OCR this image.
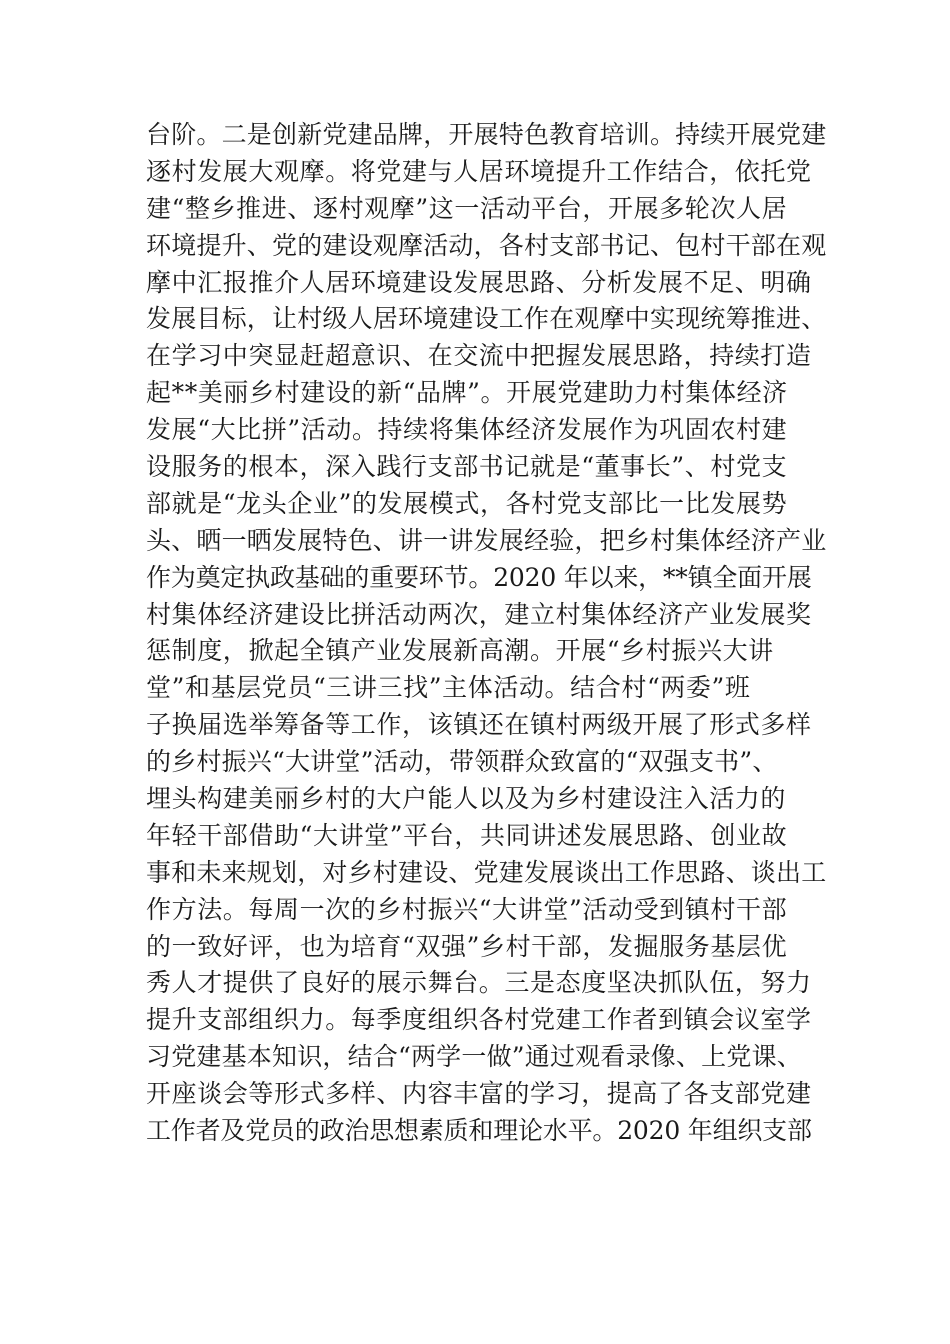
台阶。二是创新党建品牌，开展特色教育培训。持续开展党建
逐村发展大观摩。将党建与人居环境提升工作结合，依托党
建“整乡推进、逐村观摩”这一活动平台，开展多轮次人居
环境提升、党的建设观摩活动，各村支部书记、包村干部在观
摩中汇报推介人居环境建设发展思路、分析发展不足、明确
发展目标，让村级人居环境建设工作在观摩中实现统筹推进、
在学习中突显赶超意识、在交流中把握发展思路，持续打造
起**美丽乡村建设的新“品牌”。开展党建助力村集体经济
发展“大比拼”活动。持续将集体经济发展作为巩固农村建
设服务的根本，深入践行支部书记就是“董事长”、村党支
部就是“龙头企业”的发展模式，各村党支部比一比发展势
头、晒一晒发展特色、讲一讲发展经验，把乡村集体经济产业
作为奠定执政基础的重要环节。2020 年以来，**镇全面开展
村集体经济建设比拼活动两次，建立村集体经济产业发展奖
惩制度，掀起全镇产业发展新高潮。开展“乡村振兴大讲
堂”和基层党员“三讲三找”主体活动。结合村“两委”班
子换届选举筹备等工作，该镇还在镇村两级开展了形式多样
的乡村振兴“大讲堂”活动，带领群众致富的“双强支书”、
埋头构建美丽乡村的大户能人以及为乡村建设注入活力的
年轻干部借助“大讲堂”平台，共同讲述发展思路、创业故
事和未来规划，对乡村建设、党建发展谈出工作思路、谈出工
作方法。每周一次的乡村振兴“大讲堂”活动受到镇村干部
的一致好评，也为培育“双强”乡村干部，发掘服务基层优
秀人才提供了良好的展示舞台。三是态度坚决抓队伍，努力
提升支部组织力。每季度组织各村党建工作者到镇会议室学
习党建基本知识，结合“两学一做”通过观看录像、上党课、
开座谈会等形式多样、内容丰富的学习，提高了各支部党建
工作者及党员的政治思想素质和理论水平。2020 年组织支部
